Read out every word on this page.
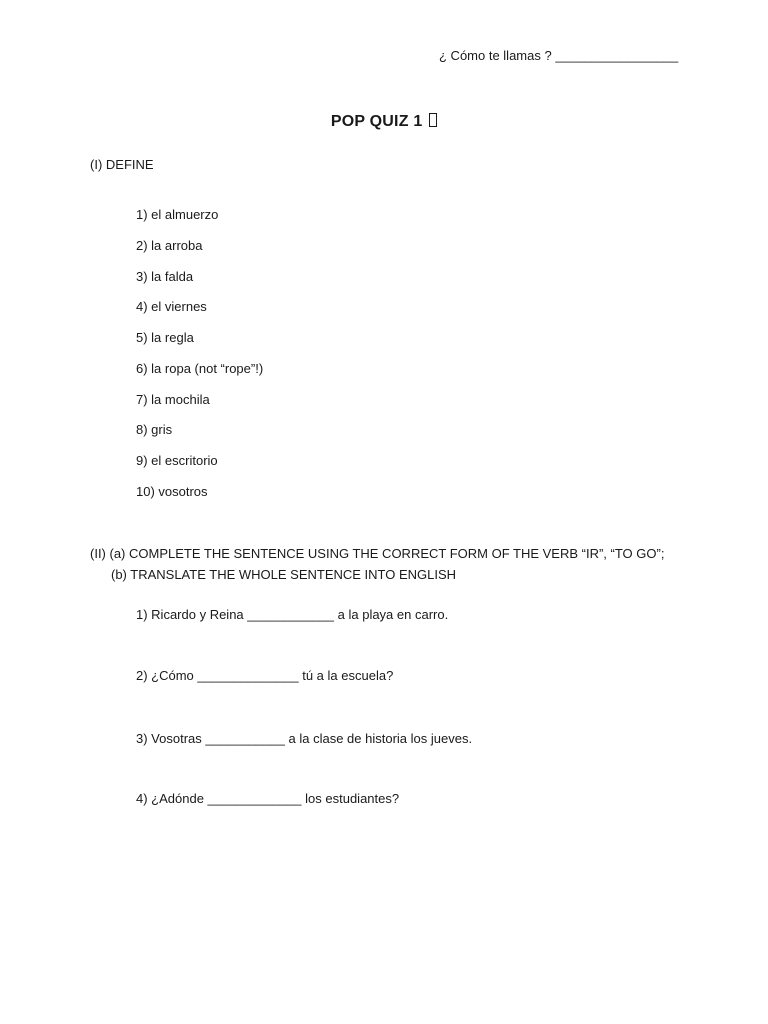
¿ Cómo te llamas ? _________________
POP QUIZ 1
(I) DEFINE
1) el almuerzo
2) la arroba
3) la falda
4) el viernes
5) la regla
6) la ropa (not “rope”!)
7) la mochila
8) gris
9) el escritorio
10) vosotros
(II) (a) COMPLETE THE SENTENCE USING THE CORRECT FORM OF THE VERB “IR”, “TO GO”;
(b) TRANSLATE THE WHOLE SENTENCE INTO ENGLISH
1) Ricardo y Reina ____________ a la playa en carro.
2) ¿Cómo ______________ tú a la escuela?
3) Vosotras ___________ a la clase de historia los jueves.
4) ¿Adónde _____________ los estudiantes?
